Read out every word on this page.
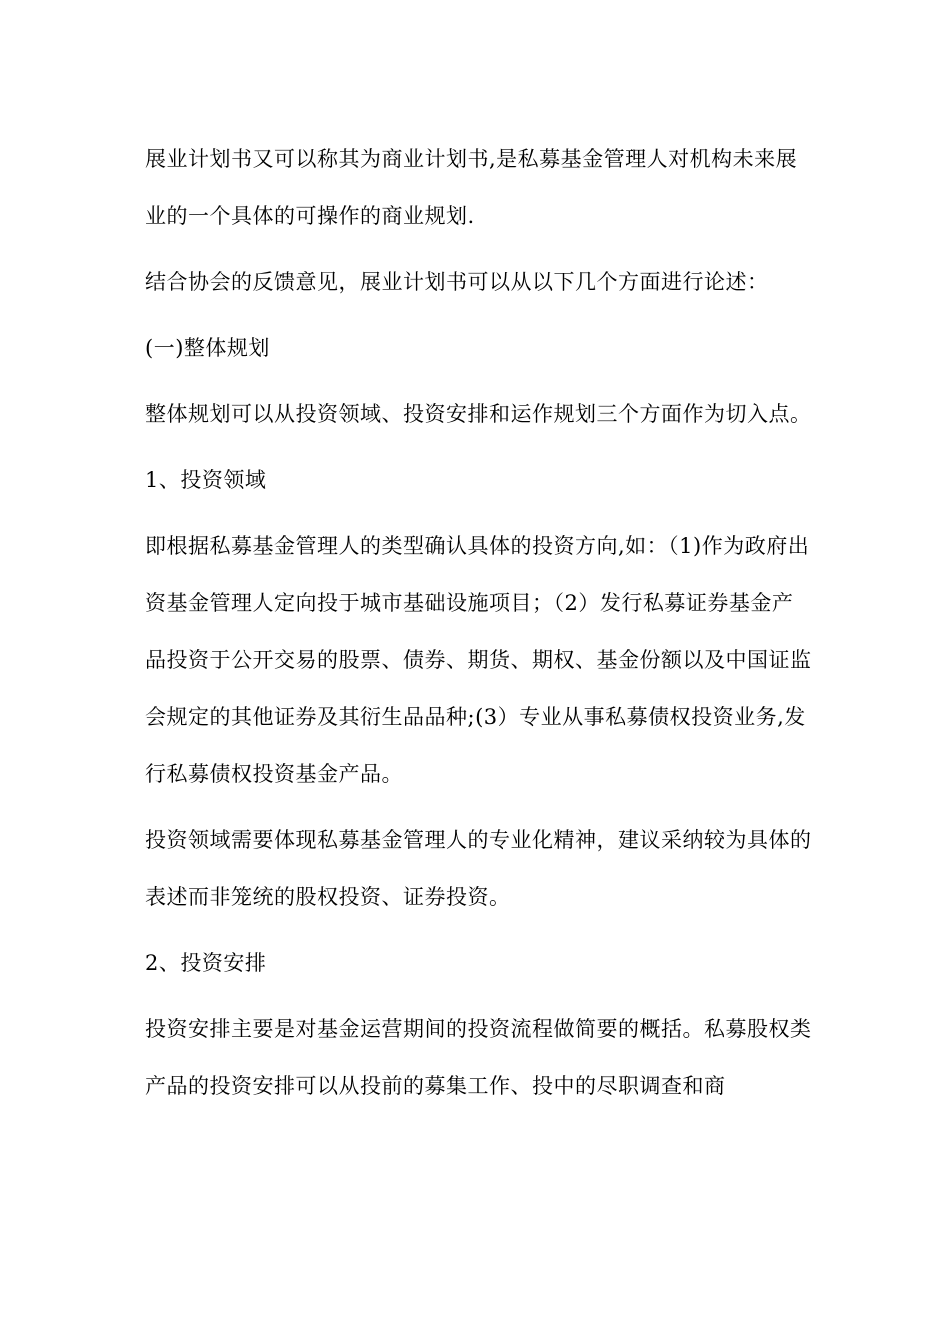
展业计划书又可以称其为商业计划书,是私募基金管理人对机构未来展业的一个具体的可操作的商业规划.

结合协会的反馈意见，展业计划书可以从以下几个方面进行论述：

(一)整体规划

整体规划可以从投资领域、投资安排和运作规划三个方面作为切入点。

1、投资领域

即根据私募基金管理人的类型确认具体的投资方向,如：（1)作为政府出资基金管理人定向投于城市基础设施项目；（2）发行私募证券基金产品投资于公开交易的股票、债券、期货、期权、基金份额以及中国证监会规定的其他证券及其衍生品品种;(3）专业从事私募债权投资业务,发行私募债权投资基金产品。

投资领域需要体现私募基金管理人的专业化精神，建议采纳较为具体的表述而非笼统的股权投资、证券投资。

2、投资安排

投资安排主要是对基金运营期间的投资流程做简要的概括。私募股权类产品的投资安排可以从投前的募集工作、投中的尽职调查和商
